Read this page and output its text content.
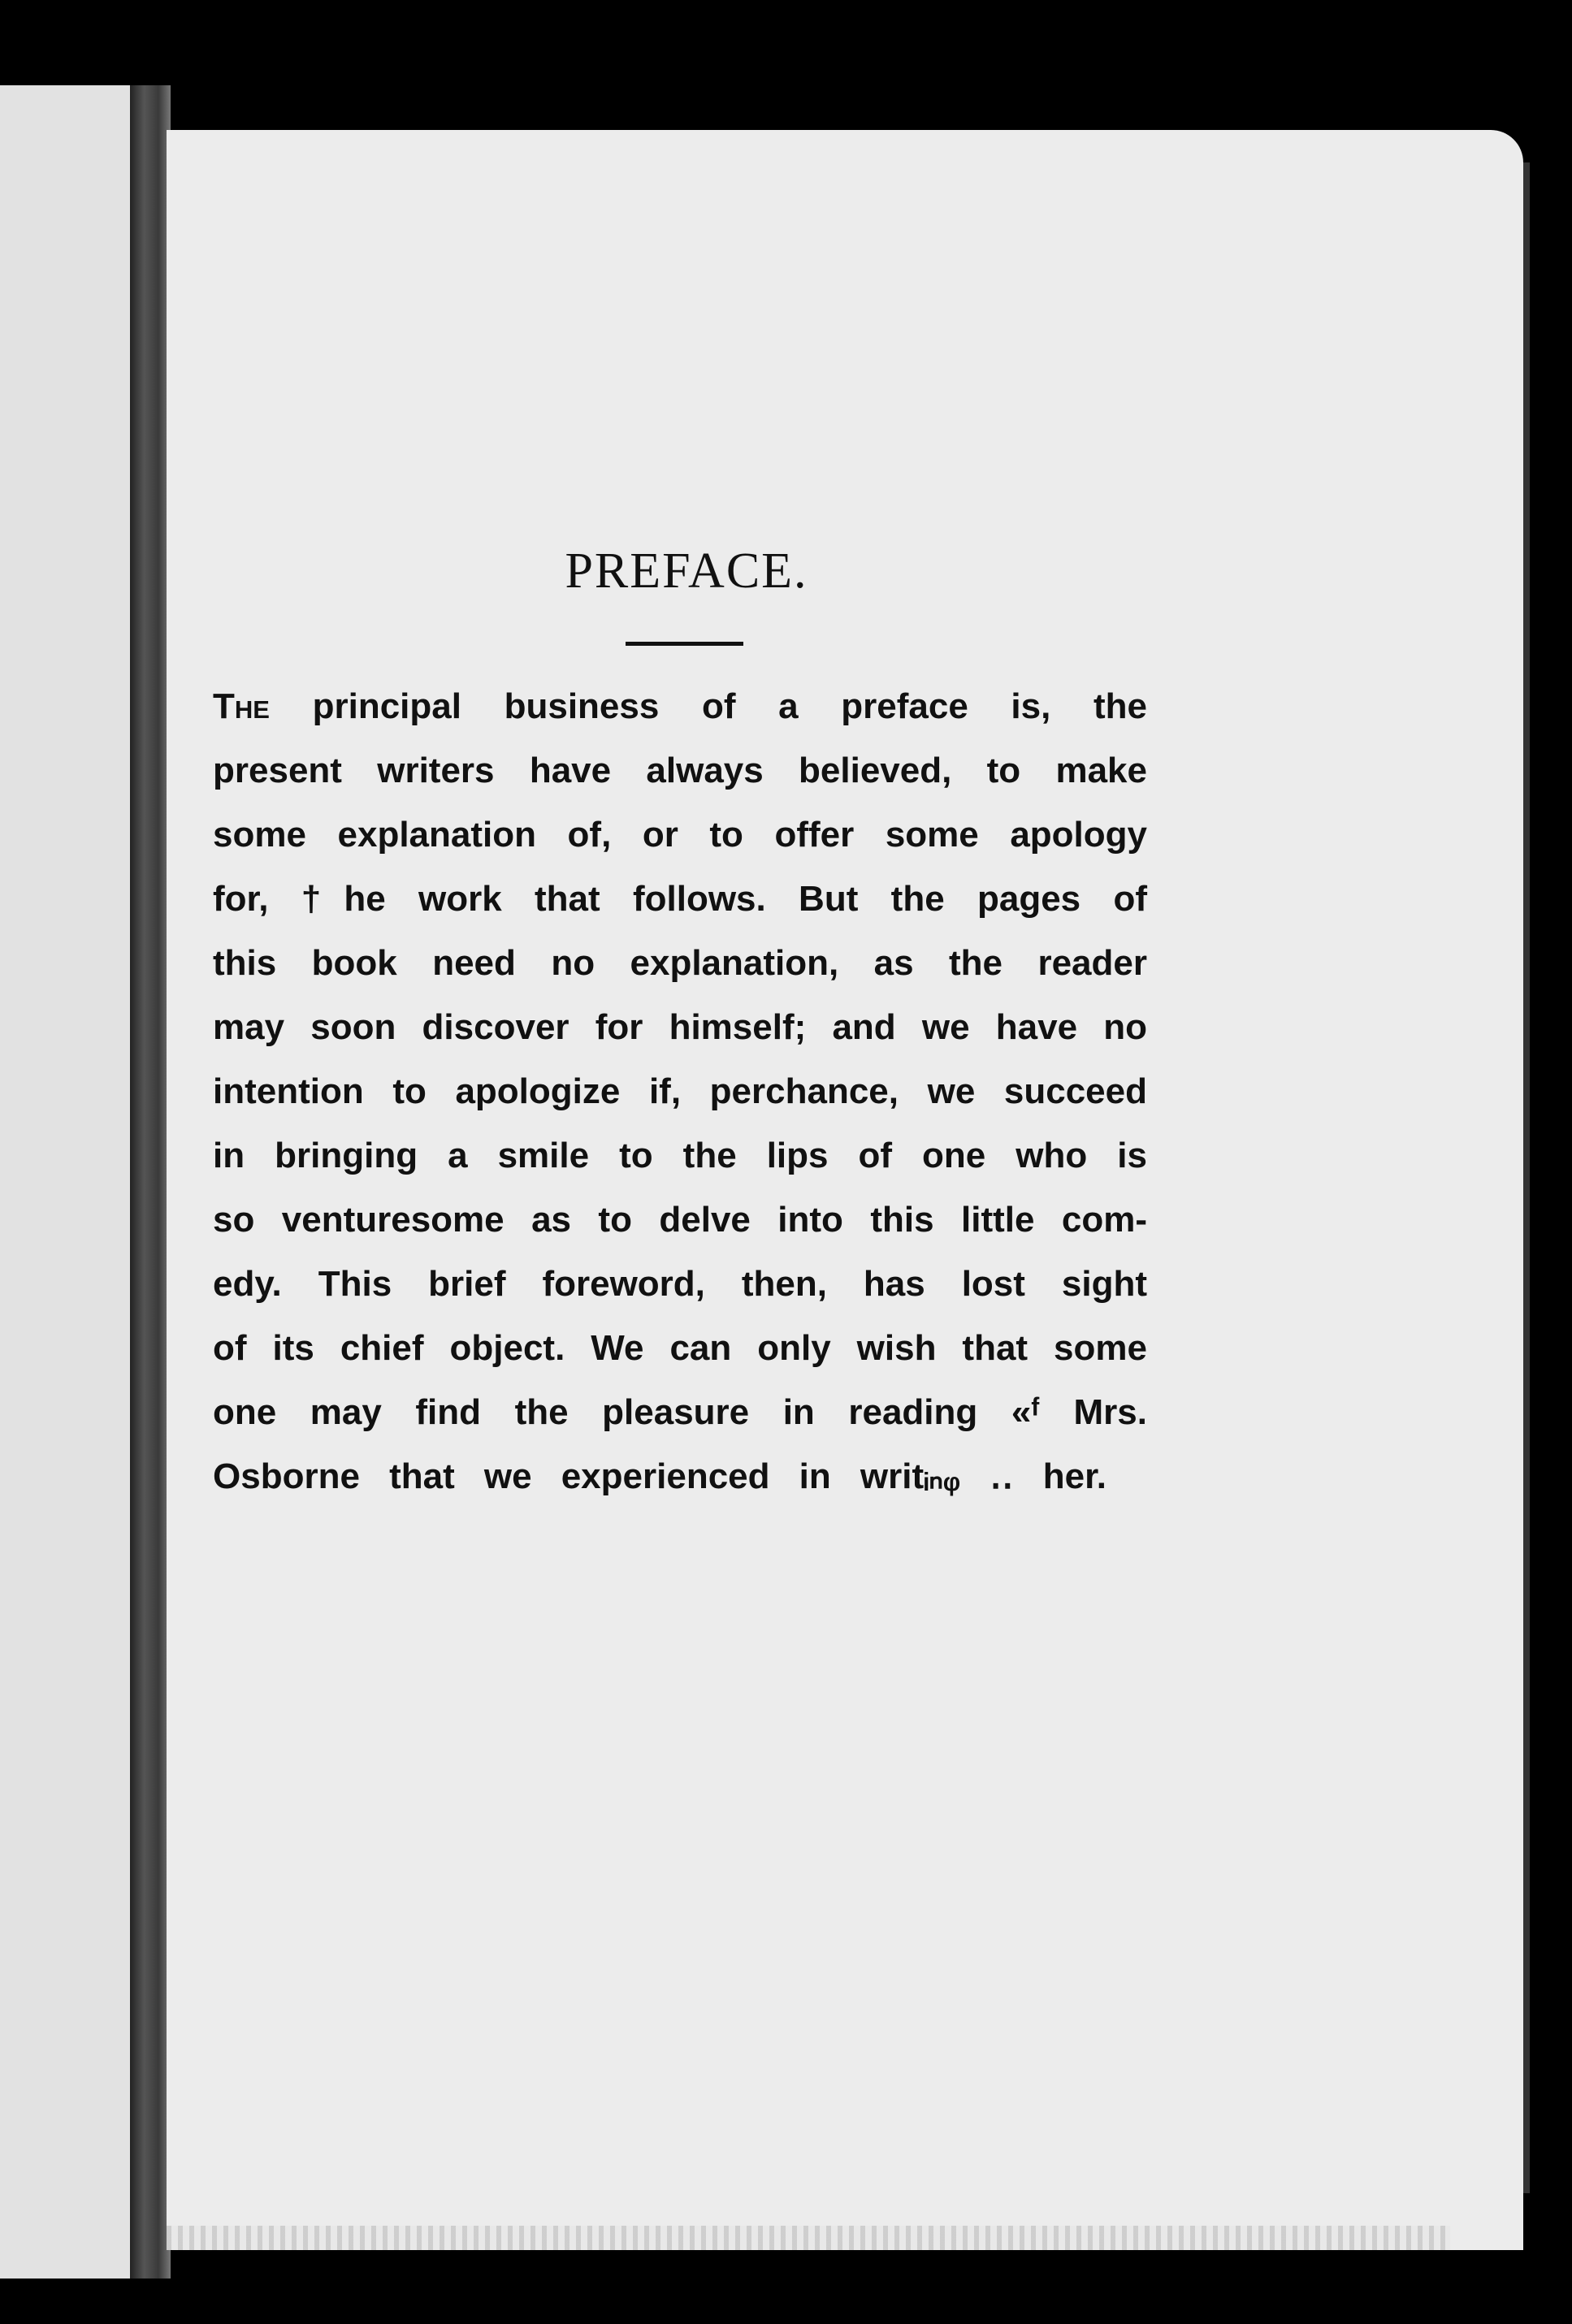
PREFACE.
The principal business of a preface is, the
present writers have always believed, to make
some explanation of, or to offer some apology
for, †he work that follows. But the pages of
this book need no explanation, as the reader
may soon discover for himself; and we have no
intention to apologize if, perchance, we succeed
in bringing a smile to the lips of one who is
so venturesome as to delve into this little com-
edy. This brief foreword, then, has lost sight
of its chief object. We can only wish that some
one may find the pleasure in reading «ᶠ Mrs.
Osborne that we experienced in writᵢₙᵩ ‥ her.
